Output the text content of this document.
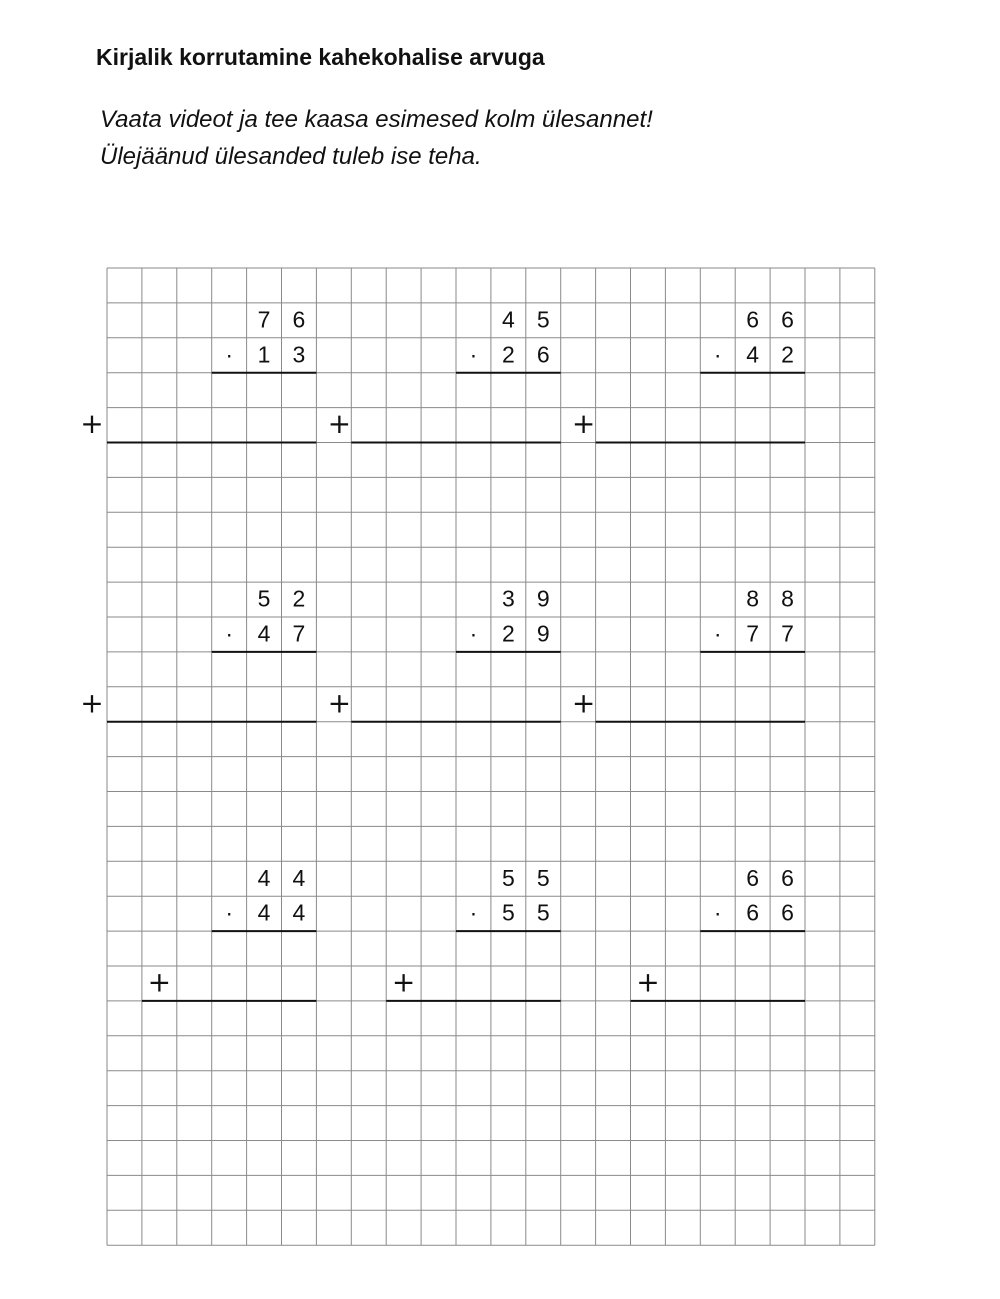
Kirjalik korrutamine kahekohalise arvuga
Vaata videot ja tee kaasa esimesed kolm ülesannet!
Ülejäänud ülesanded tuleb ise teha.
7 6
· 1 3
+
4 5
· 2 6
+
6 6
· 4 2
+
5 2
· 4 7
+
3 9
· 2 9
+
8 8
· 7 7
+
4 4
· 4 4
+
5 5
· 5 5
+
6 6
· 6 6
+
